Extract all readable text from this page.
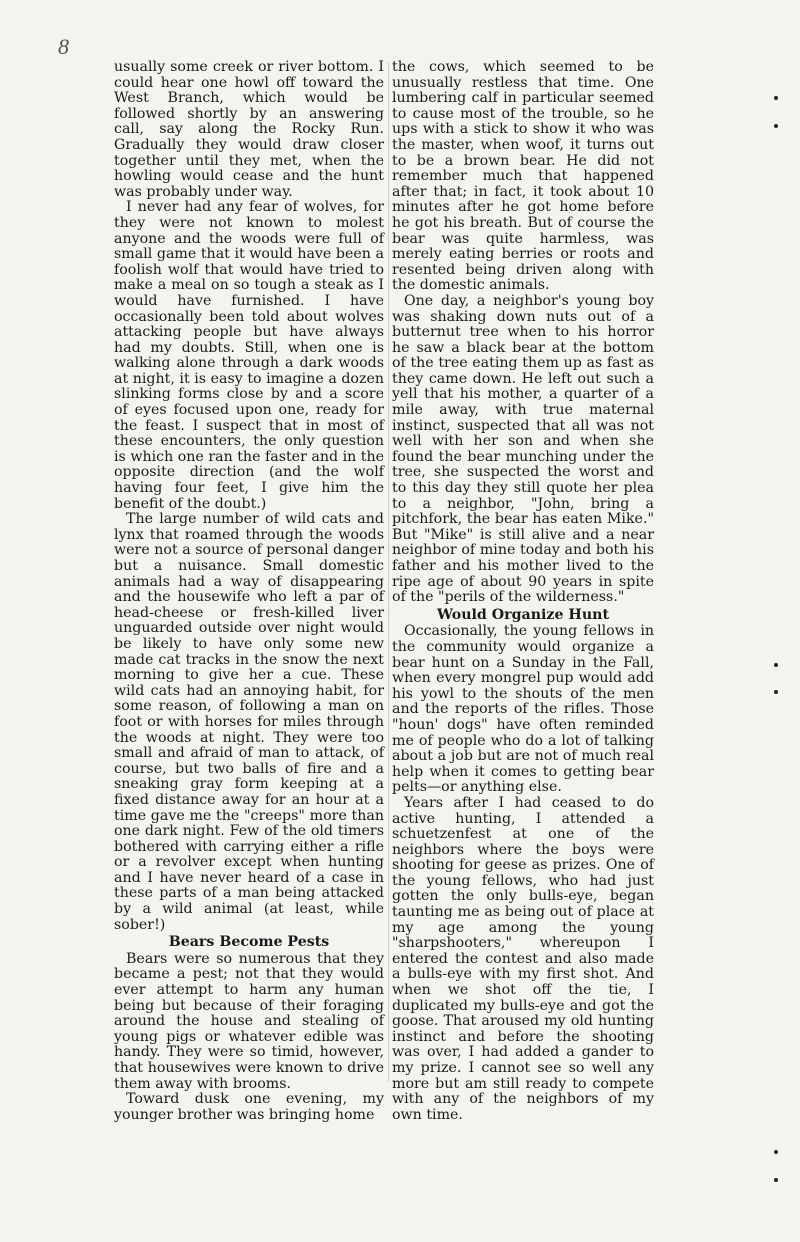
8

usually some creek or river bottom. I could hear one howl off toward the West Branch, which would be followed shortly by an answering call, say along the Rocky Run. Gradually they would draw closer together until they met, when the howling would cease and the hunt was probably under way.

I never had any fear of wolves, for they were not known to molest anyone and the woods were full of small game that it would have been a foolish wolf that would have tried to make a meal on so tough a steak as I would have furnished. I have occasionally been told about wolves attacking people but have always had my doubts. Still, when one is walking alone through a dark woods at night, it is easy to imagine a dozen slinking forms close by and a score of eyes focused upon one, ready for the feast. I suspect that in most of these encounters, the only question is which one ran the faster and in the opposite direction (and the wolf having four feet, I give him the benefit of the doubt.)

The large number of wild cats and lynx that roamed through the woods were not a source of personal danger but a nuisance. Small domestic animals had a way of disappearing and the housewife who left a par of head-cheese or fresh-killed liver unguarded outside over night would be likely to have only some new made cat tracks in the snow the next morning to give her a cue. These wild cats had an annoying habit, for some reason, of following a man on foot or with horses for miles through the woods at night. They were too small and afraid of man to attack, of course, but two balls of fire and a sneaking gray form keeping at a fixed distance away for an hour at a time gave me the "creeps" more than one dark night. Few of the old timers bothered with carrying either a rifle or a revolver except when hunting and I have never heard of a case in these parts of a man being attacked by a wild animal (at least, while sober!)

Bears Become Pests

Bears were so numerous that they became a pest; not that they would ever attempt to harm any human being but because of their foraging around the house and stealing of young pigs or whatever edible was handy. They were so timid, however, that housewives were known to drive them away with brooms.

Toward dusk one evening, my younger brother was bringing home

the cows, which seemed to be unusually restless that time. One lumbering calf in particular seemed to cause most of the trouble, so he ups with a stick to show it who was the master, when woof, it turns out to be a brown bear. He did not remember much that happened after that; in fact, it took about 10 minutes after he got home before he got his breath. But of course the bear was quite harmless, was merely eating berries or roots and resented being driven along with the domestic animals.

One day, a neighbor's young boy was shaking down nuts out of a butternut tree when to his horror he saw a black bear at the bottom of the tree eating them up as fast as they came down. He left out such a yell that his mother, a quarter of a mile away, with true maternal instinct, suspected that all was not well with her son and when she found the bear munching under the tree, she suspected the worst and to this day they still quote her plea to a neighbor, "John, bring a pitchfork, the bear has eaten Mike." But "Mike" is still alive and a near neighbor of mine today and both his father and his mother lived to the ripe age of about 90 years in spite of the "perils of the wilderness."

Would Organize Hunt

Occasionally, the young fellows in the community would organize a bear hunt on a Sunday in the Fall, when every mongrel pup would add his yowl to the shouts of the men and the reports of the rifles. Those "houn' dogs" have often reminded me of people who do a lot of talking about a job but are not of much real help when it comes to getting bear pelts—or anything else.

Years after I had ceased to do active hunting, I attended a schuetzenfest at one of the neighbors where the boys were shooting for geese as prizes. One of the young fellows, who had just gotten the only bulls-eye, began taunting me as being out of place at my age among the young "sharpshooters," whereupon I entered the contest and also made a bulls-eye with my first shot. And when we shot off the tie, I duplicated my bulls-eye and got the goose. That aroused my old hunting instinct and before the shooting was over, I had added a gander to my prize. I cannot see so well any more but am still ready to compete with any of the neighbors of my own time.
